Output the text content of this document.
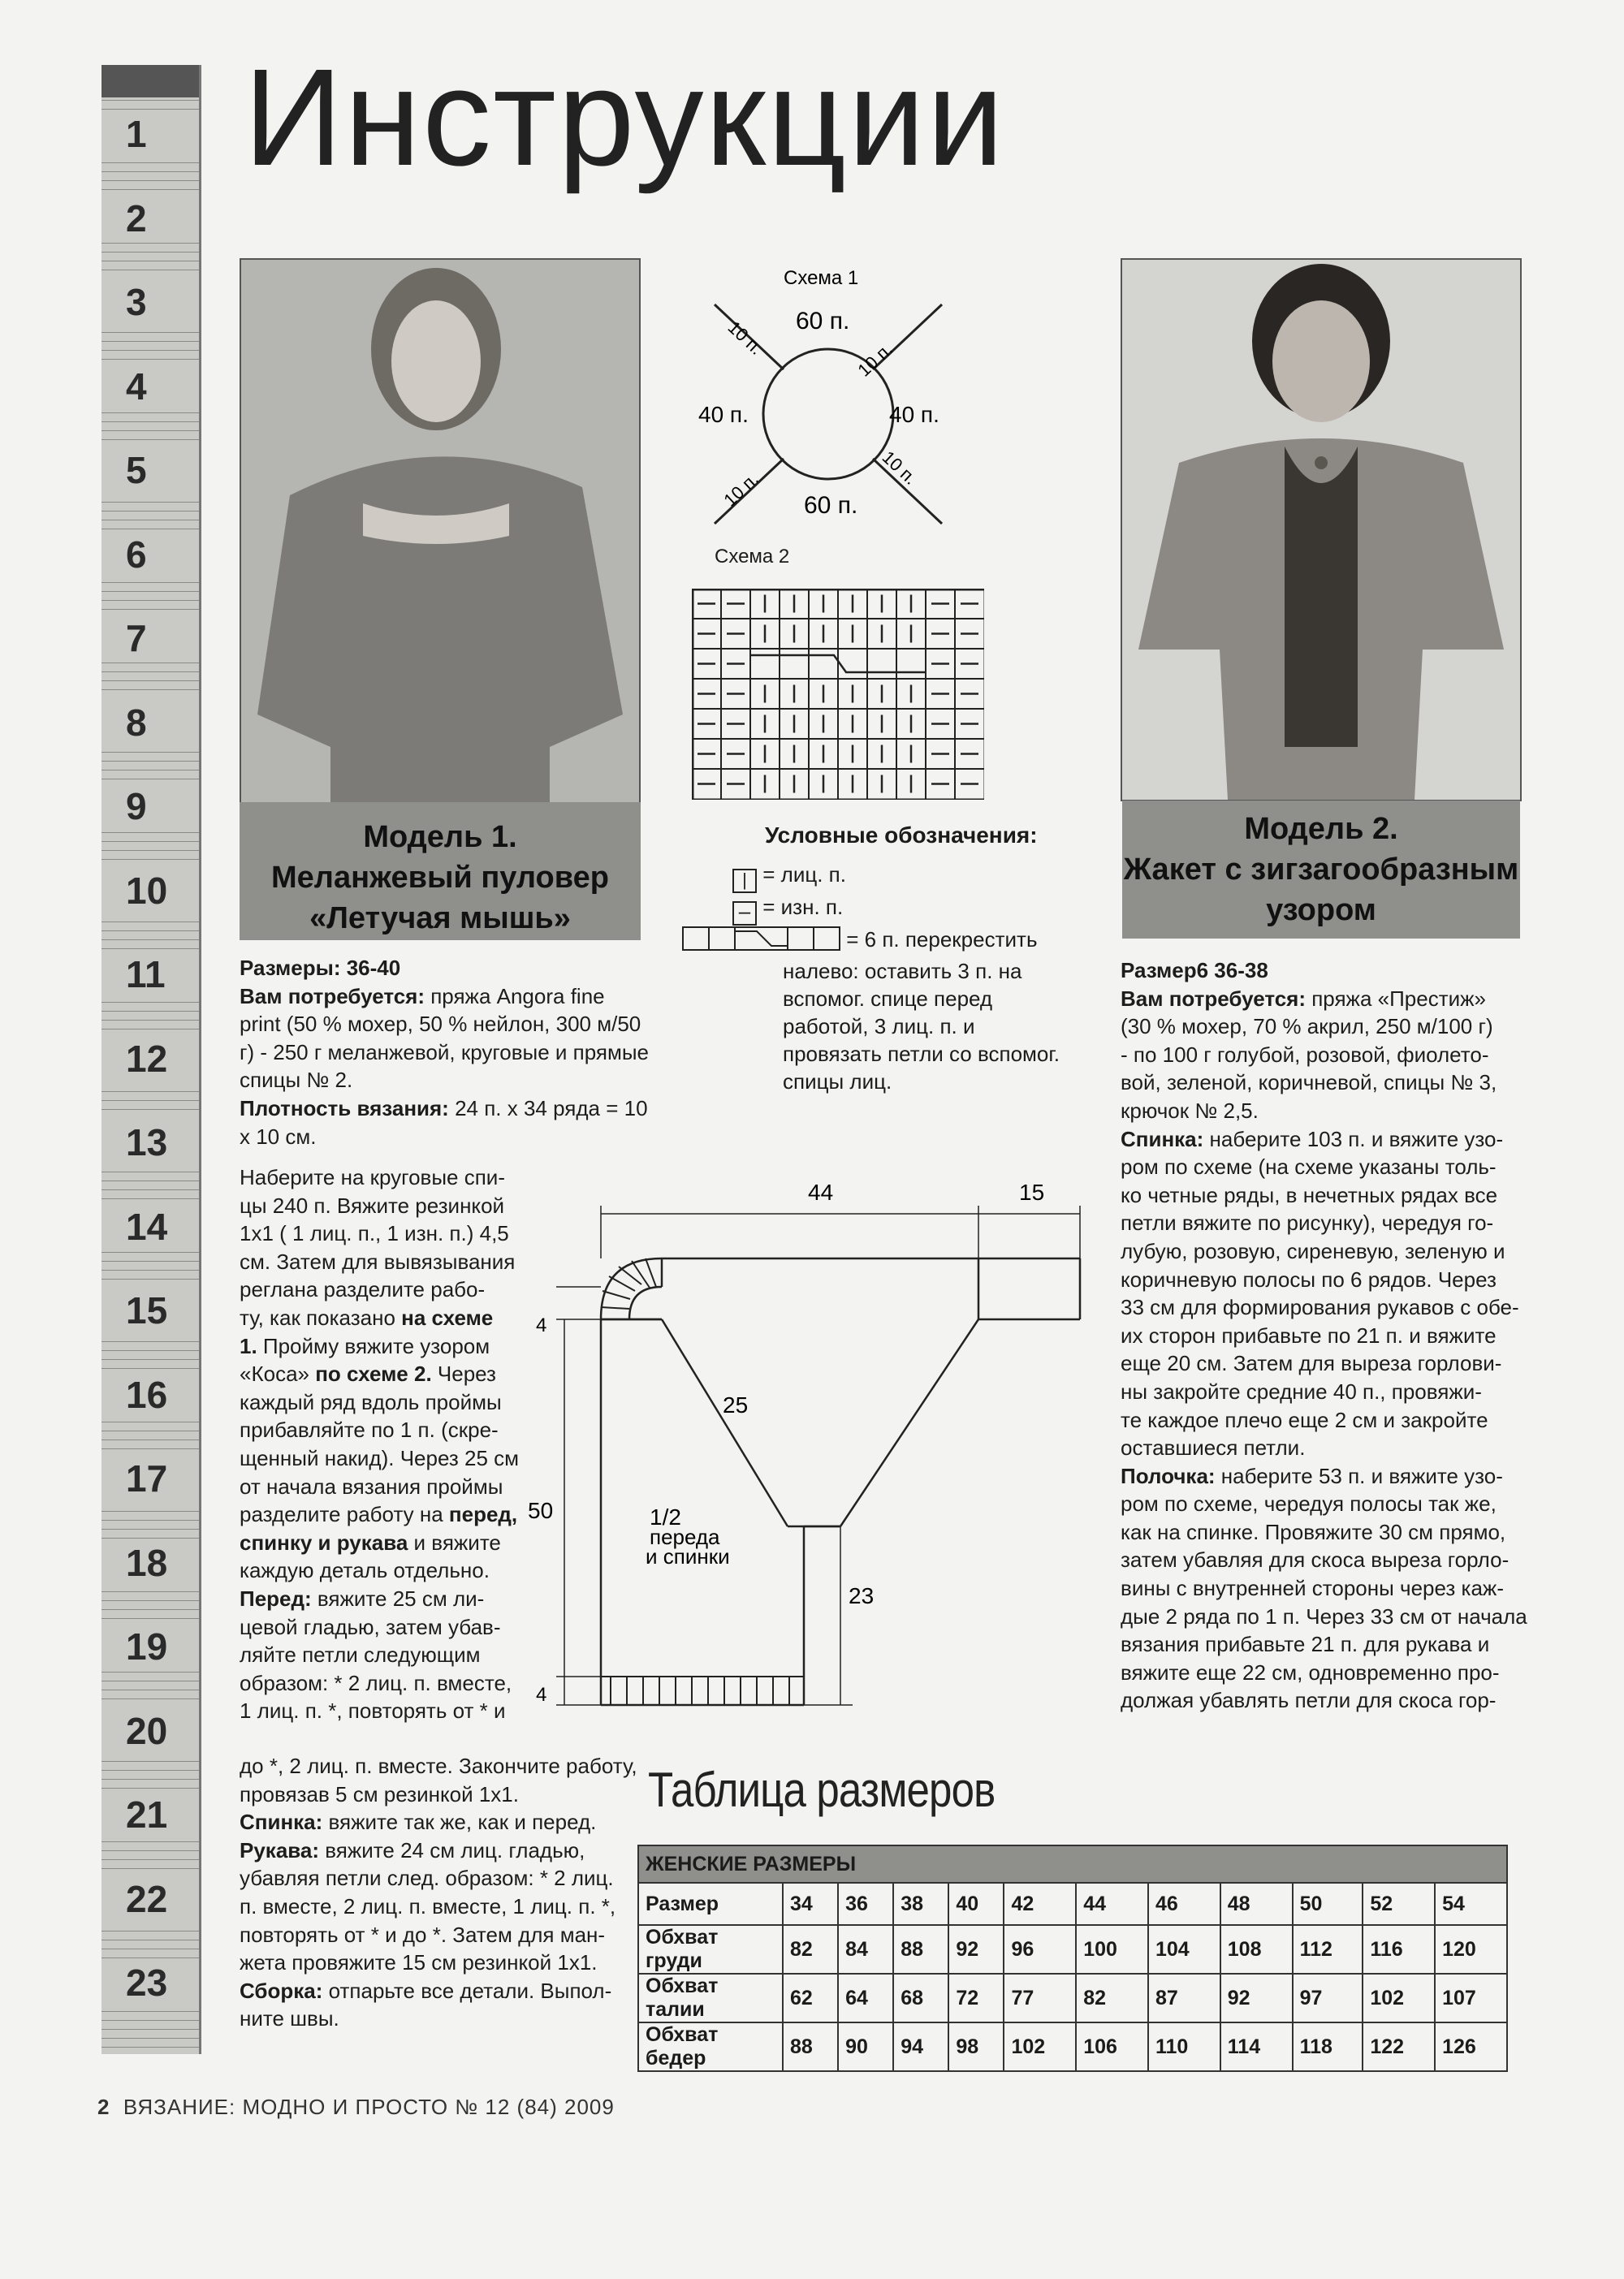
1
2
3
4
5
6
7
8
9
10
11
12
13
14
15
16
17
18
19
20
21
22
23
Инструкции
Модель 1.
Меланжевый пуловер
«Летучая мышь»
Размеры: 36-40
Вам потребуется: пряжа Angora fine print (50 % мохер, 50 % нейлон, 300 м/50 г) - 250 г меланжевой, круговые и прямые спицы № 2.
Плотность вязания: 24 п. x 34 ряда = 10 x 10 см.
Наберите на круговые спи-
цы 240 п. Вяжите резинкой
1x1 ( 1 лиц. п., 1 изн. п.) 4,5
см. Затем для вывязывания
реглана разделите рабо-
ту, как показано на схеме
1. Пройму вяжите узором
«Коса» по схеме 2. Через
каждый ряд вдоль проймы
прибавляйте по 1 п. (скре-
щенный накид). Через 25 см
от начала вязания проймы
разделите работу на перед,
спинку и рукава и вяжите
каждую деталь отдельно.
Перед: вяжите 25 см ли-
цевой гладью, затем убав-
ляйте петли следующим
образом: * 2 лиц. п. вместе,
1 лиц. п. *, повторять от * и
до *, 2 лиц. п. вместе. Закончите работу,
провязав 5 см резинкой 1x1.
Спинка: вяжите так же, как и перед.
Рукава: вяжите 24 см лиц. гладью,
убавляя петли след. образом: * 2 лиц.
п. вместе, 2 лиц. п. вместе, 1 лиц. п. *,
повторять от * и до *. Затем для ман-
жета провяжите 15 см резинкой 1x1.
Сборка: отпарьте все детали. Выпол-
ните швы.
Схема 1
60 п.
60 п.
40 п.	40 п.
10 п.
10 п.
10 п.
10 п.
Схема 2
Условные обозначения:
| = лиц. п.
– = изн. п.
= 6 п. перекрестить
налево: оставить 3 п. на
вспомог. спице перед
работой, 3 лиц. п. и
провязать петли со вспомог.
спицы лиц.
44	15
50
25
23
4
4
1/2
переда
и спинки
Модель 2.
Жакет с зигзагообразным
узором
Размеp6 36-38
Вам потребуется: пряжа «Престиж»
(30 % мохер, 70 % акрил, 250 м/100 г)
- по 100 г голубой, розовой, фиолето-
вой, зеленой, коричневой, спицы № 3,
крючок № 2,5.
Спинка: наберите 103 п. и вяжите узо-
ром по схеме (на схеме указаны толь-
ко четные ряды, в нечетных рядах все
петли вяжите по рисунку), чередуя го-
лубую, розовую, сиреневую, зеленую и
коричневую полосы по 6 рядов. Через
33 см для формирования рукавов с обе-
их сторон прибавьте по 21 п. и вяжите
еще 20 см. Затем для выреза горлови-
ны закройте средние 40 п., провяжи-
те каждое плечо еще 2 см и закройте
оставшиеся петли.
Полочка: наберите 53 п. и вяжите узо-
ром по схеме, чередуя полосы так же,
как на спинке. Провяжите 30 см прямо,
затем убавляя для скоса выреза горло-
вины с внутренней стороны через каж-
дые 2 ряда по 1 п. Через 33 см от начала
вязания прибавьте 21 п. для рукава и
вяжите еще 22 см, одновременно про-
должая убавлять петли для скоса гор-
Таблица размеров
ЖЕНСКИЕ РАЗМЕРЫ											
Размер	34	36	38	40	42	44	46	48	50	52	54
Обхват груди	82	84	88	92	96	100	104	108	112	116	120
Обхват талии	62	64	68	72	77	82	87	92	97	102	107
Обхват бедер	88	90	94	98	102	106	110	114	118	122	126
2 ВЯЗАНИЕ: МОДНО И ПРОСТО № 12 (84) 2009
